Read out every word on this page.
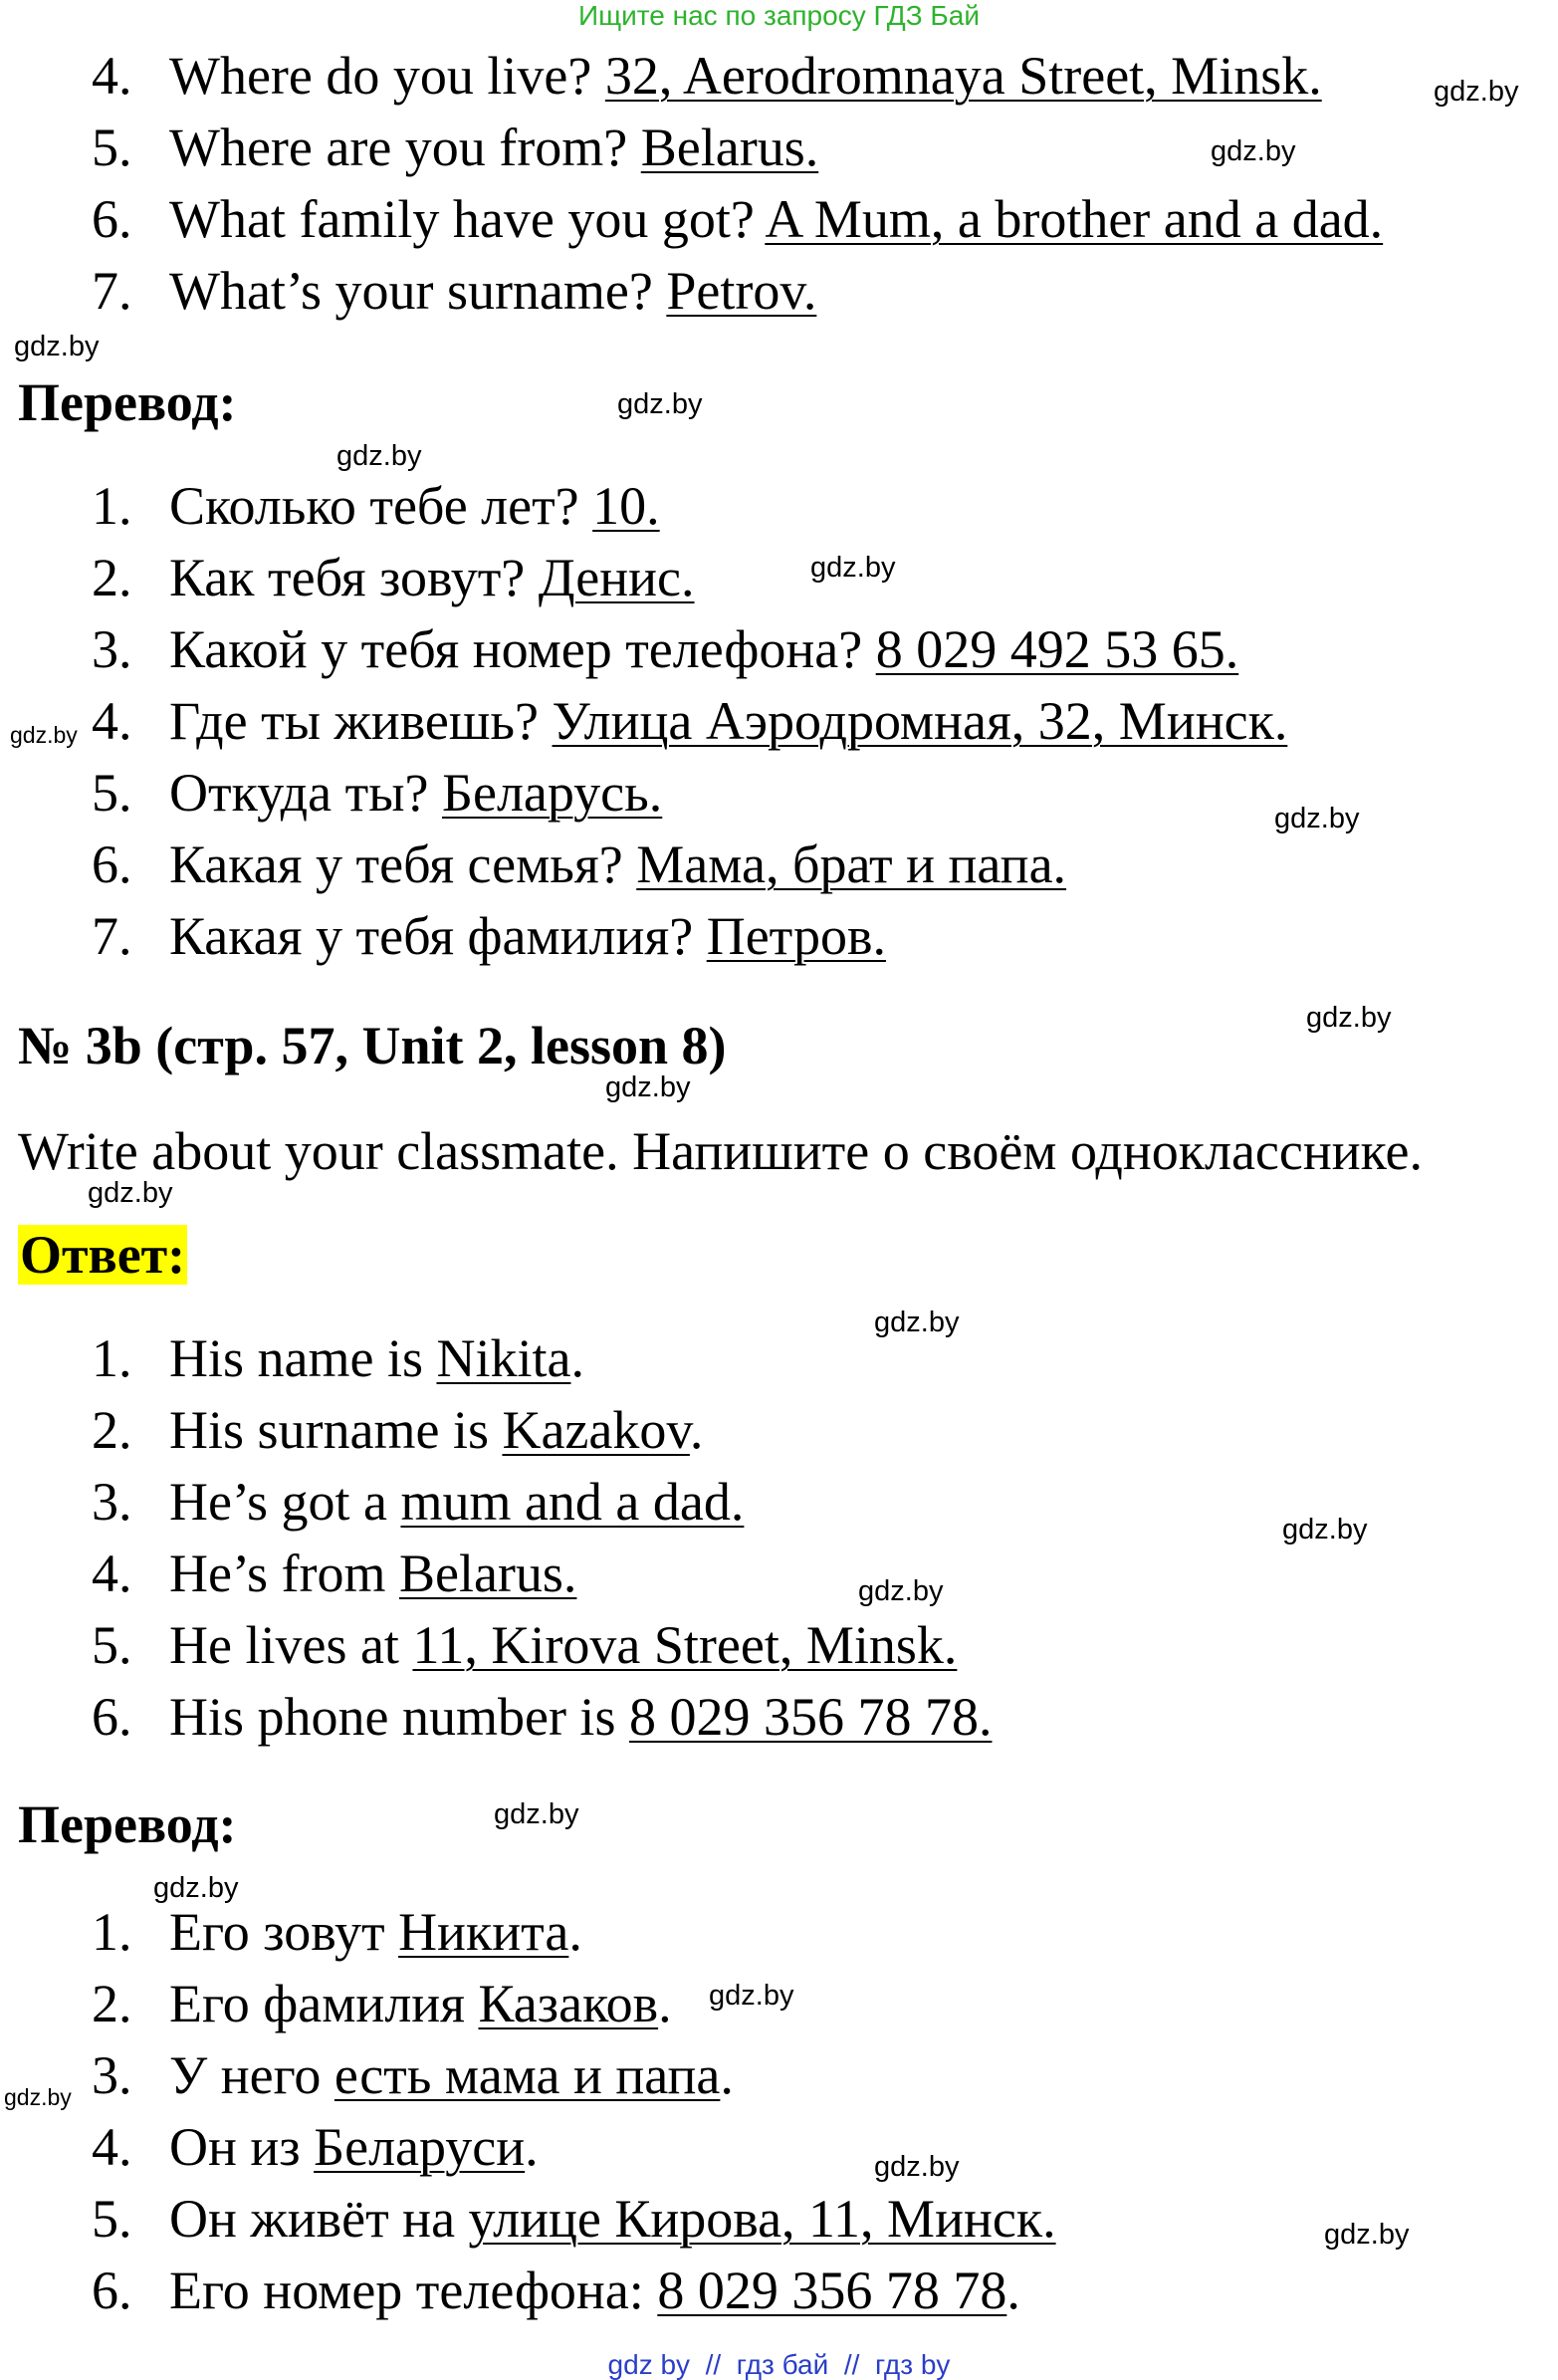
Ищите нас по запросу ГДЗ Бай
4. Where do you live? 32, Aerodromnaya Street, Minsk.
5. Where are you from? Belarus.
6. What family have you got? A Mum, a brother and a dad.
7. What’s your surname? Petrov.
Перевод:
1. Сколько тебе лет? 10.
2. Как тебя зовут? Денис.
3. Какой у тебя номер телефона? 8 029 492 53 65.
4. Где ты живешь? Улица Аэродромная, 32, Минск.
5. Откуда ты? Беларусь.
6. Какая у тебя семья? Мама, брат и папа.
7. Какая у тебя фамилия? Петров.
№ 3b (стр. 57, Unit 2, lesson 8)
Write about your classmate. Напишите о своём однокласснике.
Ответ:
1. His name is Nikita.
2. His surname is Kazakov.
3. He’s got a mum and a dad.
4. He’s from Belarus.
5. He lives at 11, Kirova Street, Minsk.
6. His phone number is 8 029 356 78 78.
Перевод:
1. Его зовут Никита.
2. Его фамилия Казаков.
3. У него есть мама и папа.
4. Он из Беларуси.
5. Он живёт на улице Кирова, 11, Минск.
6. Его номер телефона: 8 029 356 78 78.
gdz.by
gdz.by
gdz.by
gdz.by
gdz.by
gdz.by
gdz.by
gdz.by
gdz.by
gdz.by
gdz.by
gdz.by
gdz.by
gdz.by
gdz.by
gdz.by
gdz.by
gdz.by
gdz.by
gdz.by
gdz by  //  гдз бай  //  гдз by
